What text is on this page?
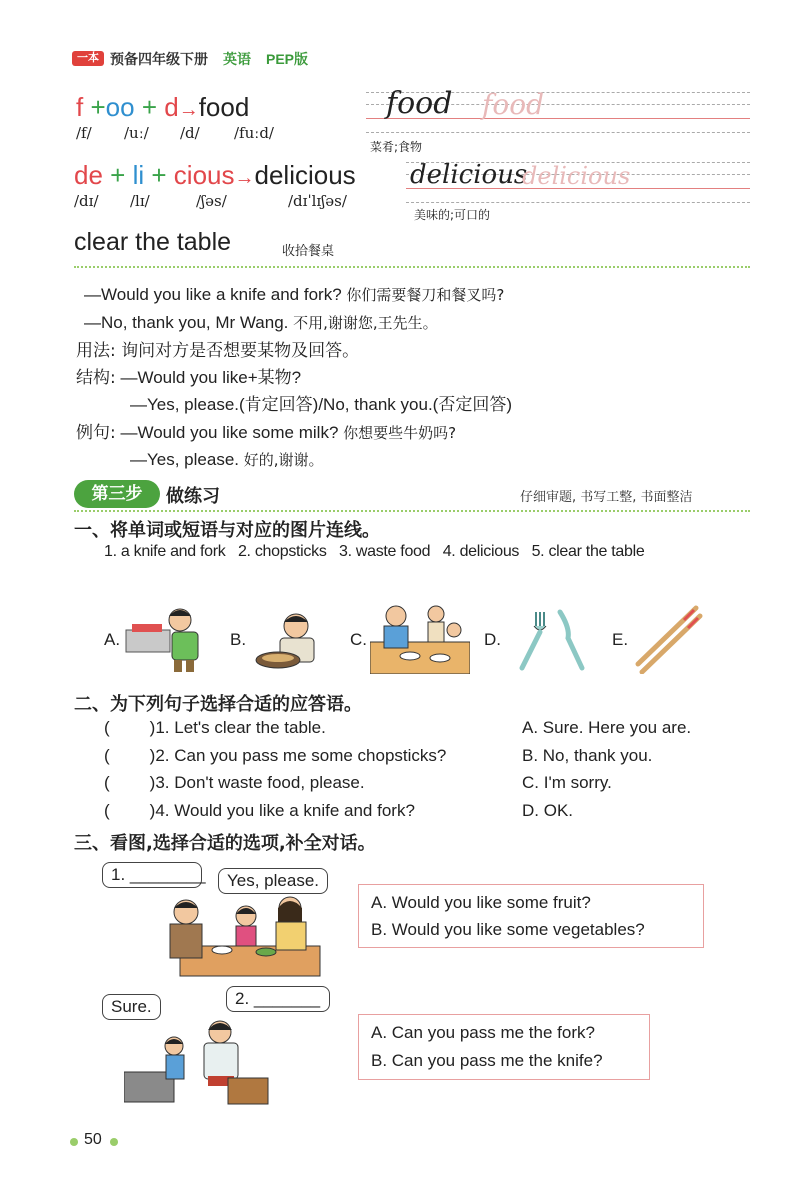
一本 预备四年级下册 英语 PEP版
f +oo + d→food
/f/ /uː/ /d/ /fuːd/
food food
菜肴;食物
de + li + cious→delicious
/dɪ/ /lɪ/	/ʃəs/	/dɪˈlɪʃəs/
delicious
delicious
美味的;可口的
clear the table	收拾餐桌
—Would you like a knife and fork? 你们需要餐刀和餐叉吗?
—No, thank you, Mr Wang. 不用,谢谢您,王先生。
用法: 询问对方是否想要某物及回答。
结构: —Would you like+某物?
—Yes, please.(肯定回答)/No, thank you.(否定回答)
例句: —Would you like some milk? 你想要些牛奶吗?
—Yes, please. 好的,谢谢。
第三步	做练习	仔细审题, 书写工整, 书面整洁
一、将单词或短语与对应的图片连线。
1. a knife and fork 2. chopsticks 3. waste food 4. delicious 5. clear the table
A.	B.	C.	D.	E.
二、为下列句子选择合适的应答语。
( )1. Let's clear the table.
( )2. Can you pass me some chopsticks?
( )3. Don't waste food, please.
( )4. Would you like a knife and fork?
A. Sure. Here you are.
B. No, thank you.
C. I'm sorry.
D. OK.
三、看图,选择合适的选项,补全对话。
1. ________	Yes, please.
A. Would you like some fruit?
B. Would you like some vegetables?
Sure.	2. _______
A. Can you pass me the fork?
B. Can you pass me the knife?
50
